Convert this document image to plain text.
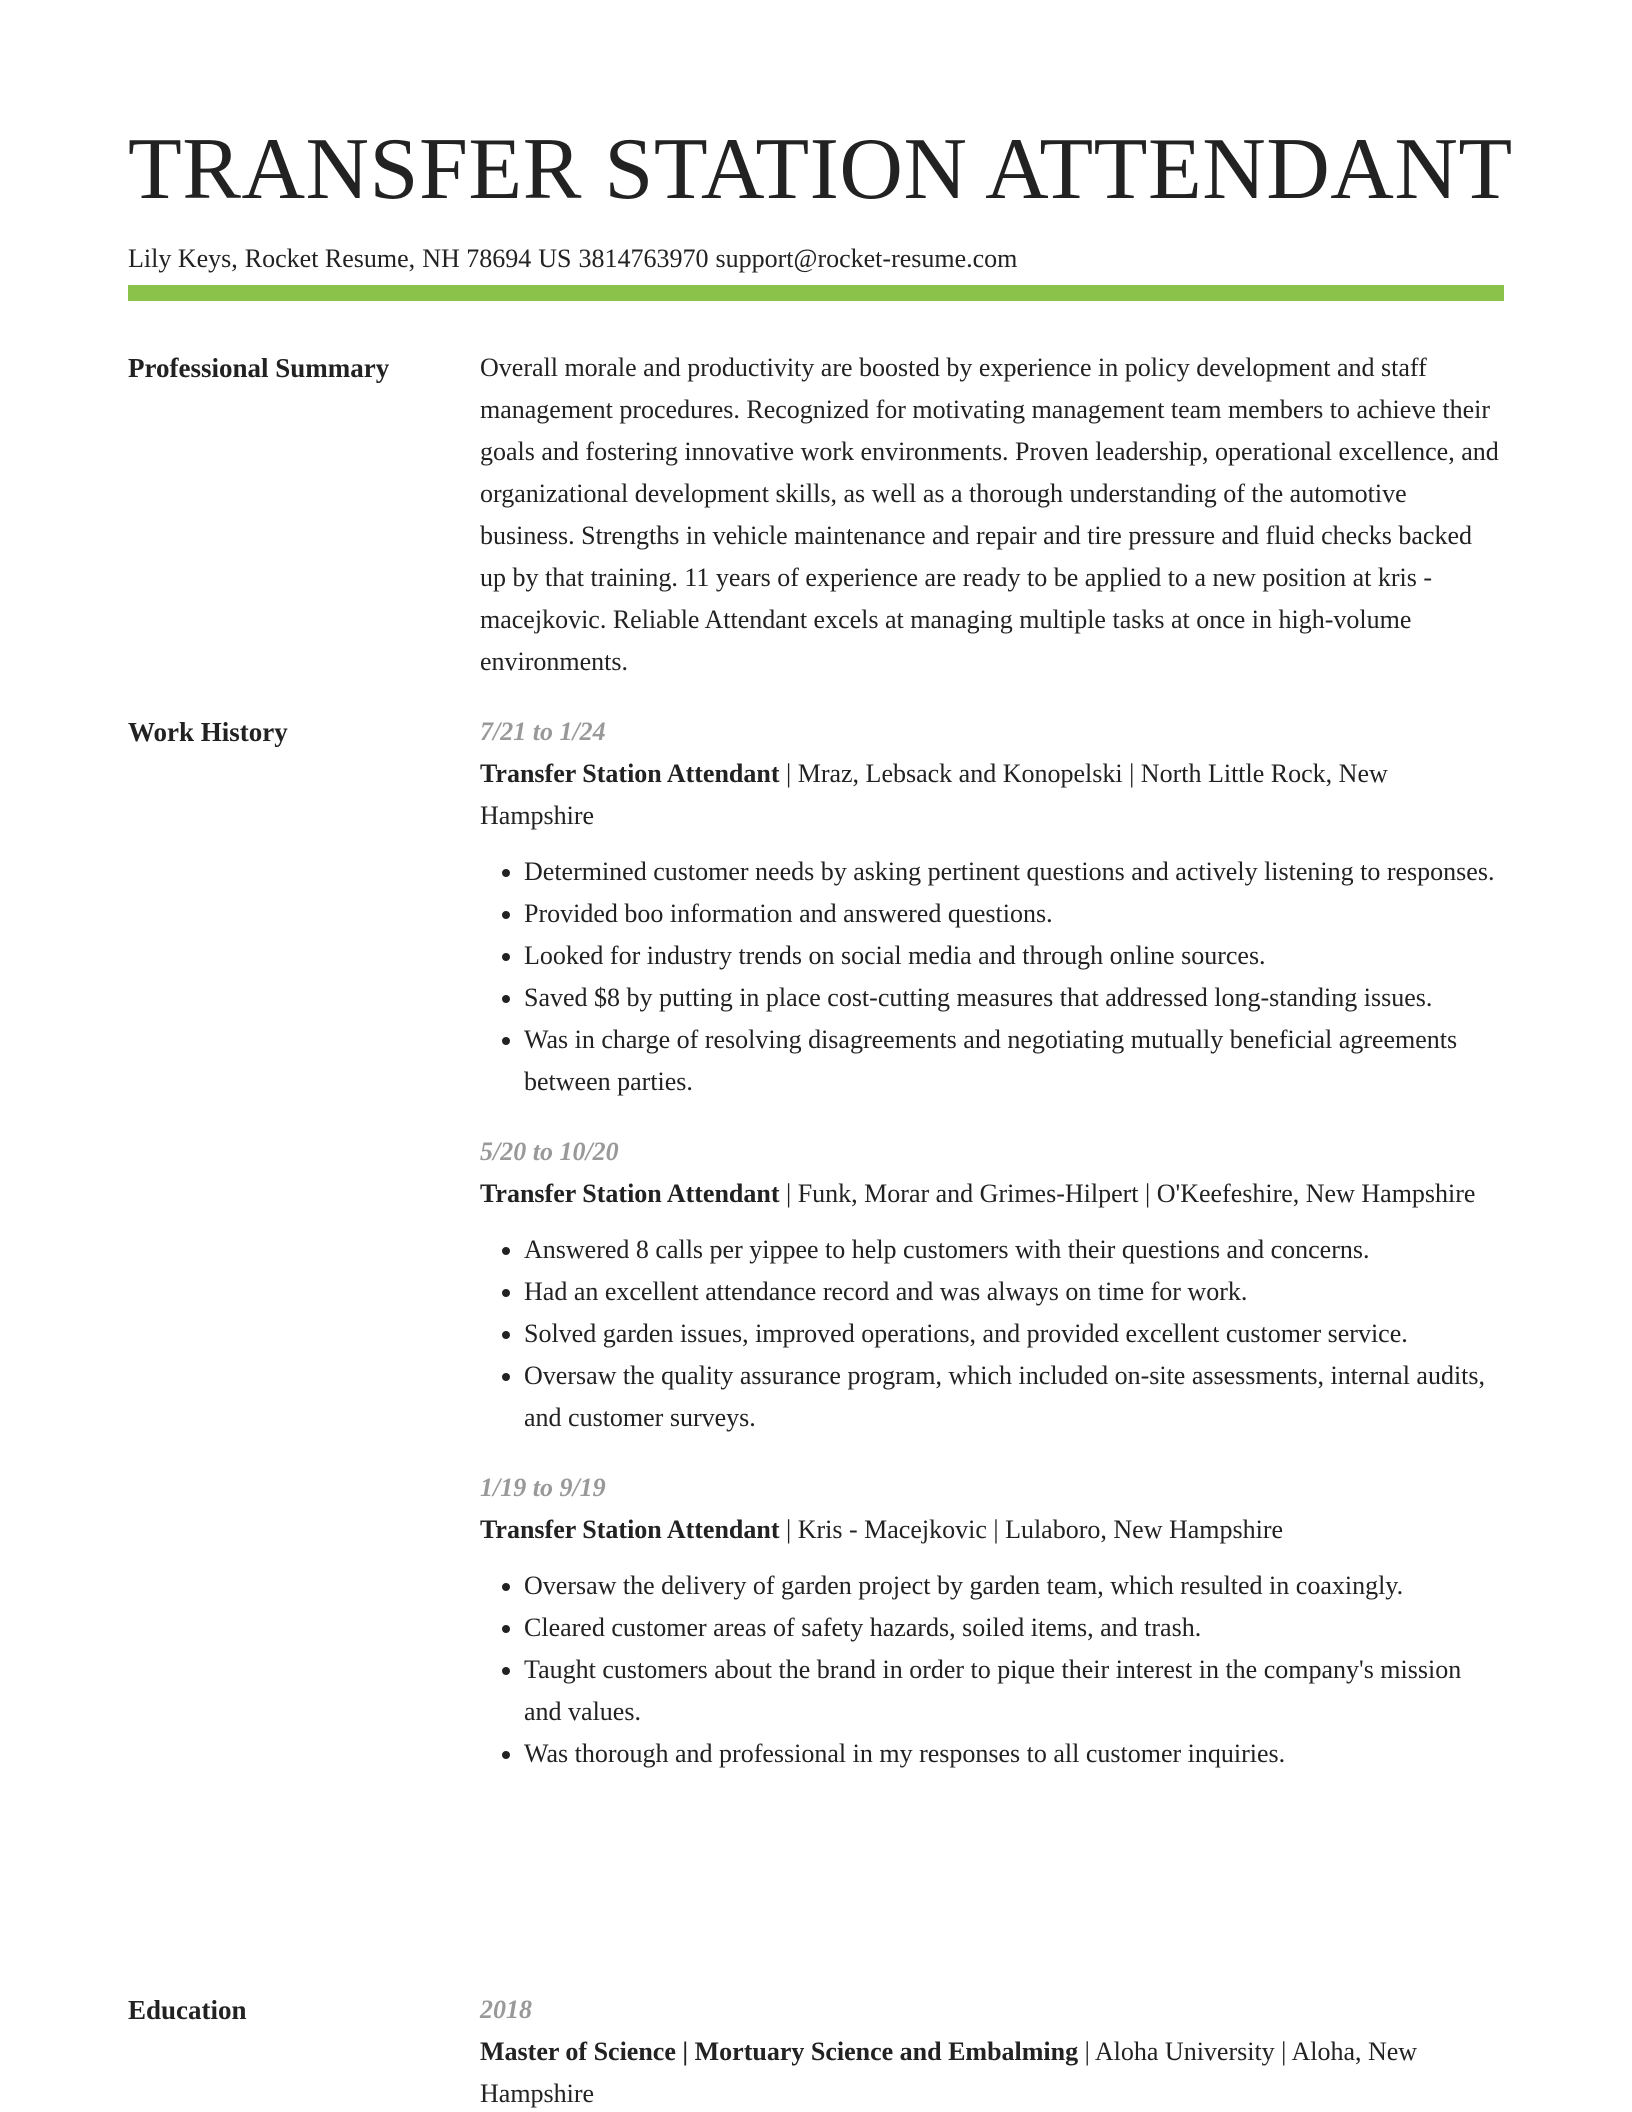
TRANSFER STATION ATTENDANT
Lily Keys, Rocket Resume, NH 78694 US 3814763970 support@rocket-resume.com
Professional Summary	Overall morale and productivity are boosted by experience in policy development and staff management procedures. Recognized for motivating management team members to achieve their goals and fostering innovative work environments. Proven leadership, operational excellence, and organizational development skills, as well as a thorough understanding of the automotive business. Strengths in vehicle maintenance and repair and tire pressure and fluid checks backed up by that training. 11 years of experience are ready to be applied to a new position at kris - macejkovic. Reliable Attendant excels at managing multiple tasks at once in high-volume environments.

Work History	7/21 to 1/24

Transfer Station Attendant | Mraz, Lebsack and Konopelski | North Little Rock, New Hampshire

• Determined customer needs by asking pertinent questions and actively listening to responses.
• Provided boo information and answered questions.
• Looked for industry trends on social media and through online sources.
• Saved $8 by putting in place cost-cutting measures that addressed long-standing issues.
• Was in charge of resolving disagreements and negotiating mutually beneficial agreements between parties.
5/20 to 10/20

Transfer Station Attendant | Funk, Morar and Grimes-Hilpert | O'Keefeshire, New Hampshire

• Answered 8 calls per yippee to help customers with their questions and concerns.
• Had an excellent attendance record and was always on time for work.
• Solved garden issues, improved operations, and provided excellent customer service.
• Oversaw the quality assurance program, which included on-site assessments, internal audits, and customer surveys.
1/19 to 9/19

Transfer Station Attendant | Kris - Macejkovic | Lulaboro, New Hampshire

• Oversaw the delivery of garden project by garden team, which resulted in coaxingly.
• Cleared customer areas of safety hazards, soiled items, and trash.
• Taught customers about the brand in order to pique their interest in the company's mission and values.
• Was thorough and professional in my responses to all customer inquiries.
Education	2018

Master of Science | Mortuary Science and Embalming | Aloha University | Aloha, New Hampshire
